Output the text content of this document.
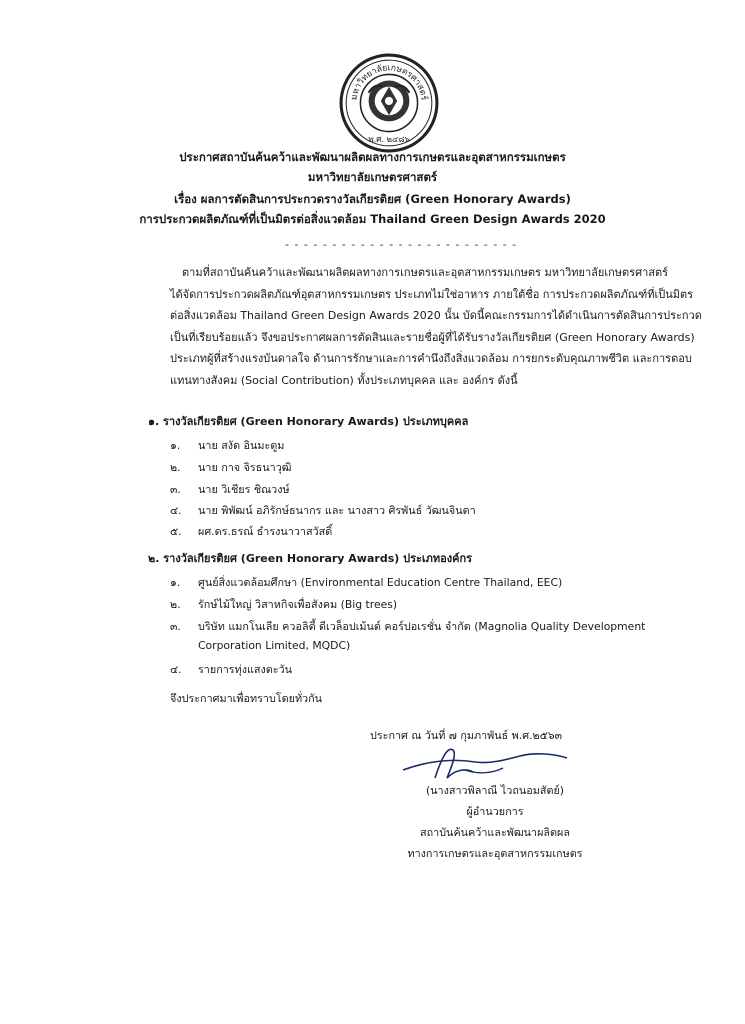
มหาวิทยาลัยเกษตรศาสตร์
พ.ศ. ๒๔๘๖
ประกาศสถาบันค้นคว้าและพัฒนาผลิตผลทางการเกษตรและอุตสาหกรรมเกษตร
มหาวิทยาลัยเกษตรศาสตร์
เรื่อง ผลการตัดสินการประกวดรางวัลเกียรติยศ (Green Honorary Awards)
การประกวดผลิตภัณฑ์ที่เป็นมิตรต่อสิ่งแวดล้อม Thailand Green Design Awards 2020
- - - - - - - - - - - - - - - - - - - - - - - - -
ตามที่สถาบันค้นคว้าและพัฒนาผลิตผลทางการเกษตรและอุตสาหกรรมเกษตร มหาวิทยาลัยเกษตรศาสตร์
ได้จัดการประกวดผลิตภัณฑ์อุตสาหกรรมเกษตร ประเภทไม่ใช่อาหาร ภายใต้ชื่อ การประกวดผลิตภัณฑ์ที่เป็นมิตร
ต่อสิ่งแวดล้อม Thailand Green Design Awards 2020 นั้น บัดนี้คณะกรรมการได้ดำเนินการตัดสินการประกวด
เป็นที่เรียบร้อยแล้ว จึงขอประกาศผลการตัดสินและรายชื่อผู้ที่ได้รับรางวัลเกียรติยศ (Green Honorary Awards)
ประเภทผู้ที่สร้างแรงบันดาลใจ ด้านการรักษาและการคำนึงถึงสิ่งแวดล้อม การยกระดับคุณภาพชีวิต และการตอบ
แทนทางสังคม (Social Contribution) ทั้งประเภทบุคคล และ องค์กร ดังนี้
๑. รางวัลเกียรติยศ (Green Honorary Awards) ประเภทบุคคล
๑. นาย สงัด อินมะตูม
๒. นาย กาจ จิรธนาวุฒิ
๓. นาย วิเชียร ชิณวงษ์
๔. นาย พิพัฒน์ อภิรักษ์ธนากร และ นางสาว ศิรพันธ์ วัฒนจินดา
๕. ผศ.ดร.ธรณ์ ธำรงนาวาสวัสดิ์
๒. รางวัลเกียรติยศ (Green Honorary Awards) ประเภทองค์กร
๑. ศูนย์สิ่งแวดล้อมศึกษา (Environmental Education Centre Thailand, EEC)
๒. รักษ์ไม้ใหญ่ วิสาหกิจเพื่อสังคม (Big trees)
๓. บริษัท แมกโนเลีย ควอลิตี้ ดีเวล็อปเม้นต์ คอร์ปอเรชั่น จำกัด (Magnolia Quality Development
Corporation Limited, MQDC)
๔. รายการทุ่งแสงตะวัน
จึงประกาศมาเพื่อทราบโดยทั่วกัน
ประกาศ ณ วันที่ ๗ กุมภาพันธ์ พ.ศ.๒๕๖๓
(นางสาวพิลาณี ไวถนอมสัตย์)
ผู้อำนวยการ
สถาบันค้นคว้าและพัฒนาผลิตผล
ทางการเกษตรและอุตสาหกรรมเกษตร
